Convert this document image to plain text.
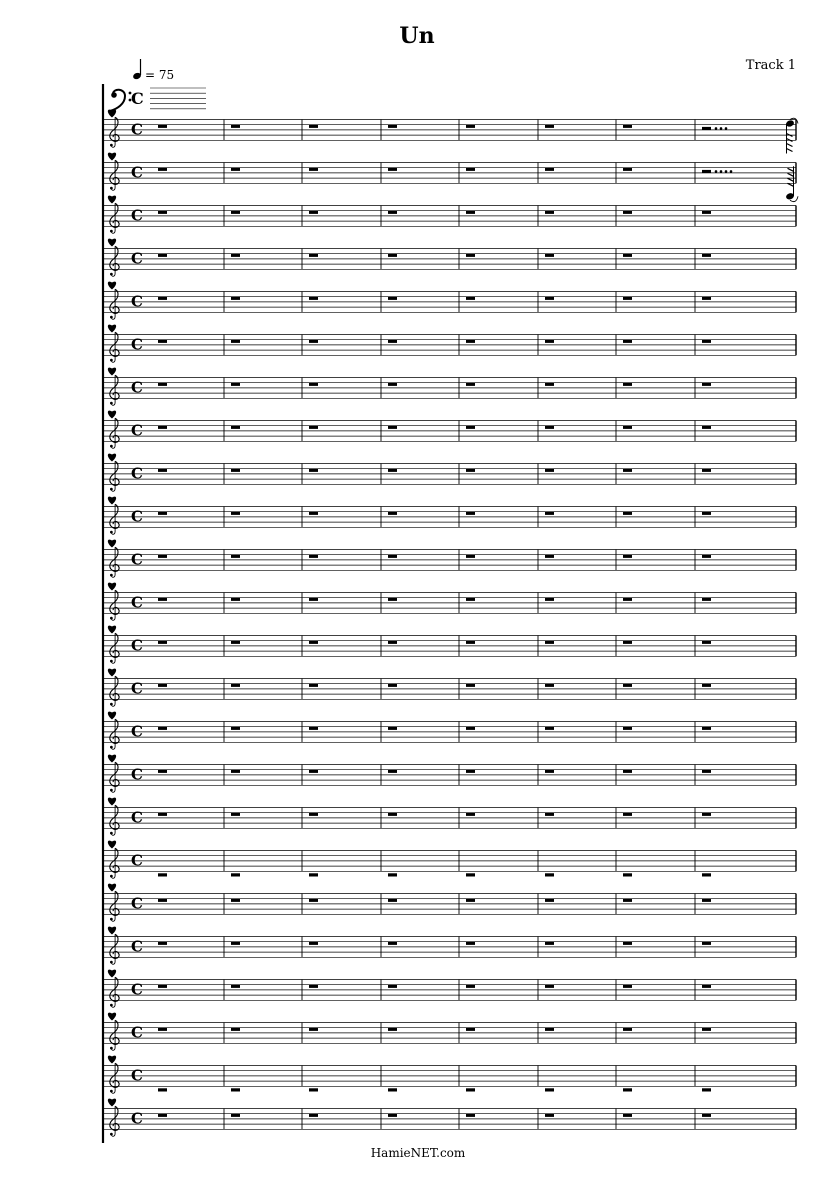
Un
Track 1
= 75
C
C
C
C
C
C
C
C
C
C
C
C
C
C
C
C
C
C
C
C
C
C
C
C
C
HamieNET.com
